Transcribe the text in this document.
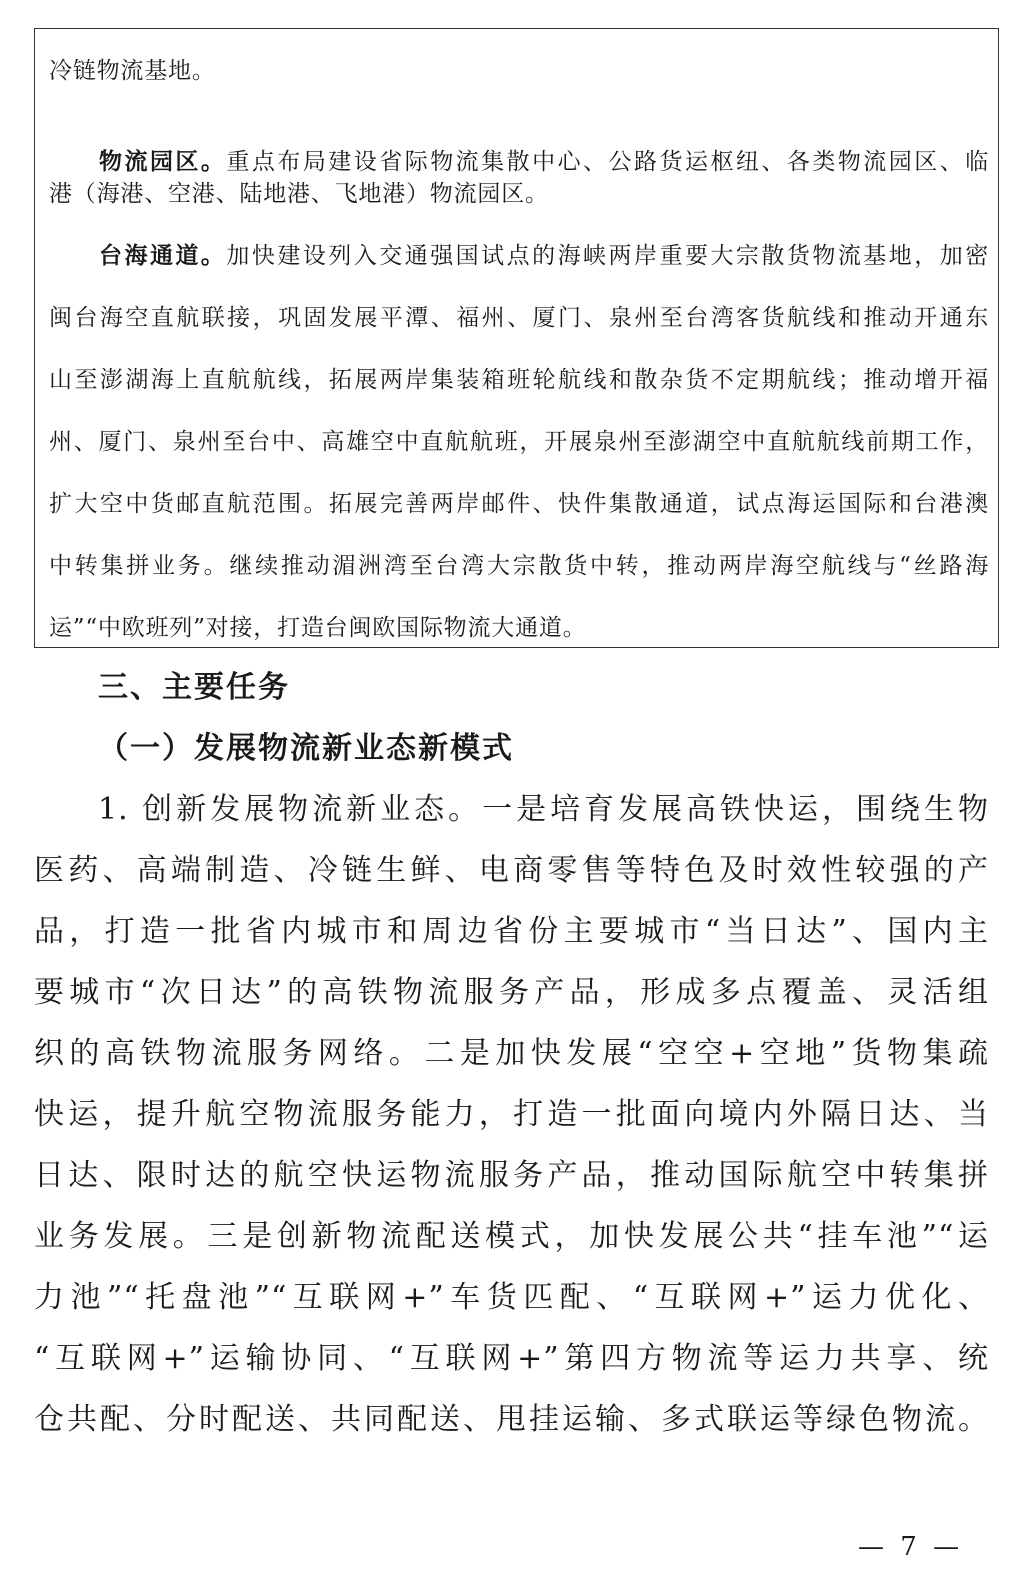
冷链物流基地。
物流园区。重点布局建设省际物流集散中心、公路货运枢纽、各类物流园区、临
港（海港、空港、陆地港、飞地港）物流园区。
台海通道。加快建设列入交通强国试点的海峡两岸重要大宗散货物流基地，加密
闽台海空直航联接，巩固发展平潭、福州、厦门、泉州至台湾客货航线和推动开通东
山至澎湖海上直航航线，拓展两岸集装箱班轮航线和散杂货不定期航线；推动增开福
州、厦门、泉州至台中、高雄空中直航航班，开展泉州至澎湖空中直航航线前期工作，
扩大空中货邮直航范围。拓展完善两岸邮件、快件集散通道，试点海运国际和台港澳
中转集拼业务。继续推动湄洲湾至台湾大宗散货中转，推动两岸海空航线与“丝路海
运”“中欧班列”对接，打造台闽欧国际物流大通道。
三、主要任务
（一）发展物流新业态新模式
1. 创新发展物流新业态。一是培育发展高铁快运，围绕生物
医药、高端制造、冷链生鲜、电商零售等特色及时效性较强的产
品，打造一批省内城市和周边省份主要城市“当日达”、国内主
要城市“次日达”的高铁物流服务产品，形成多点覆盖、灵活组
织的高铁物流服务网络。二是加快发展“空空+空地”货物集疏
快运，提升航空物流服务能力，打造一批面向境内外隔日达、当
日达、限时达的航空快运物流服务产品，推动国际航空中转集拼
业务发展。三是创新物流配送模式，加快发展公共“挂车池”“运
力池”“托盘池”“互联网+”车货匹配、“互联网+”运力优化、
“互联网+”运输协同、“互联网+”第四方物流等运力共享、统
仓共配、分时配送、共同配送、甩挂运输、多式联运等绿色物流。
— 7 —
